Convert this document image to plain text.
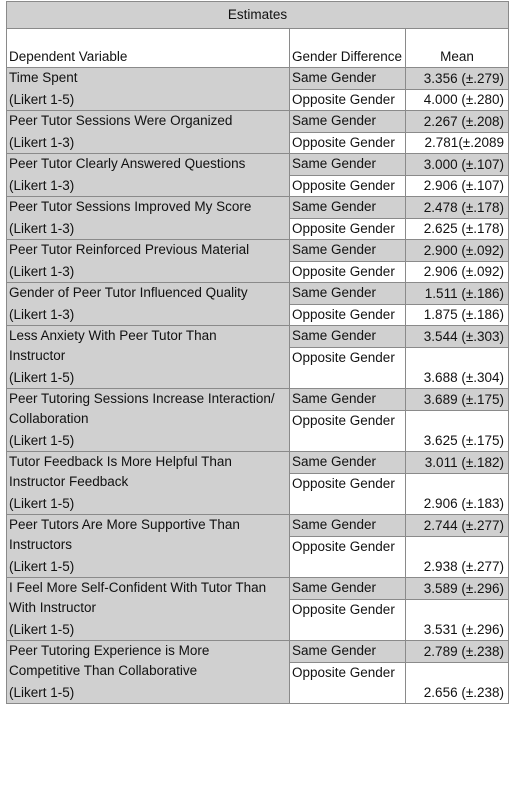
Estimates		
Dependent Variable	Gender Difference	Mean

Time Spent
(Likert 1-5)	Same Gender	3.356 (±.279)
	Opposite Gender	4.000 (±.280)

Peer Tutor Sessions Were Organized
(Likert 1-3)	Same Gender	2.267 (±.208)
	Opposite Gender	2.781(±.2089

Peer Tutor Clearly Answered Questions
(Likert 1-3)	Same Gender	3.000 (±.107)
	Opposite Gender	2.906 (±.107)

Peer Tutor Sessions Improved My Score
(Likert 1-3)	Same Gender	2.478 (±.178)
	Opposite Gender	2.625 (±.178)

Peer Tutor Reinforced Previous Material
(Likert 1-3)	Same Gender	2.900 (±.092)
	Opposite Gender	2.906 (±.092)

Gender of Peer Tutor Influenced Quality
(Likert 1-3)	Same Gender	1.511 (±.186)
	Opposite Gender	1.875 (±.186)

Less Anxiety With Peer Tutor Than
Instructor
(Likert 1-5)	Same Gender	3.544 (±.303)
	Opposite Gender	3.688 (±.304)

Peer Tutoring Sessions Increase Interaction/
Collaboration
(Likert 1-5)	Same Gender	3.689 (±.175)
	Opposite Gender	3.625 (±.175)

Tutor Feedback Is More Helpful Than
Instructor Feedback
(Likert 1-5)	Same Gender	3.011 (±.182)
	Opposite Gender	2.906 (±.183)

Peer Tutors Are More Supportive Than
Instructors
(Likert 1-5)	Same Gender	2.744 (±.277)
	Opposite Gender	2.938 (±.277)

I Feel More Self-Confident With Tutor Than
With Instructor
(Likert 1-5)	Same Gender	3.589 (±.296)
	Opposite Gender	3.531 (±.296)

Peer Tutoring Experience is More
Competitive Than Collaborative
(Likert 1-5)	Same Gender	2.789 (±.238)
	Opposite Gender	2.656 (±.238)
